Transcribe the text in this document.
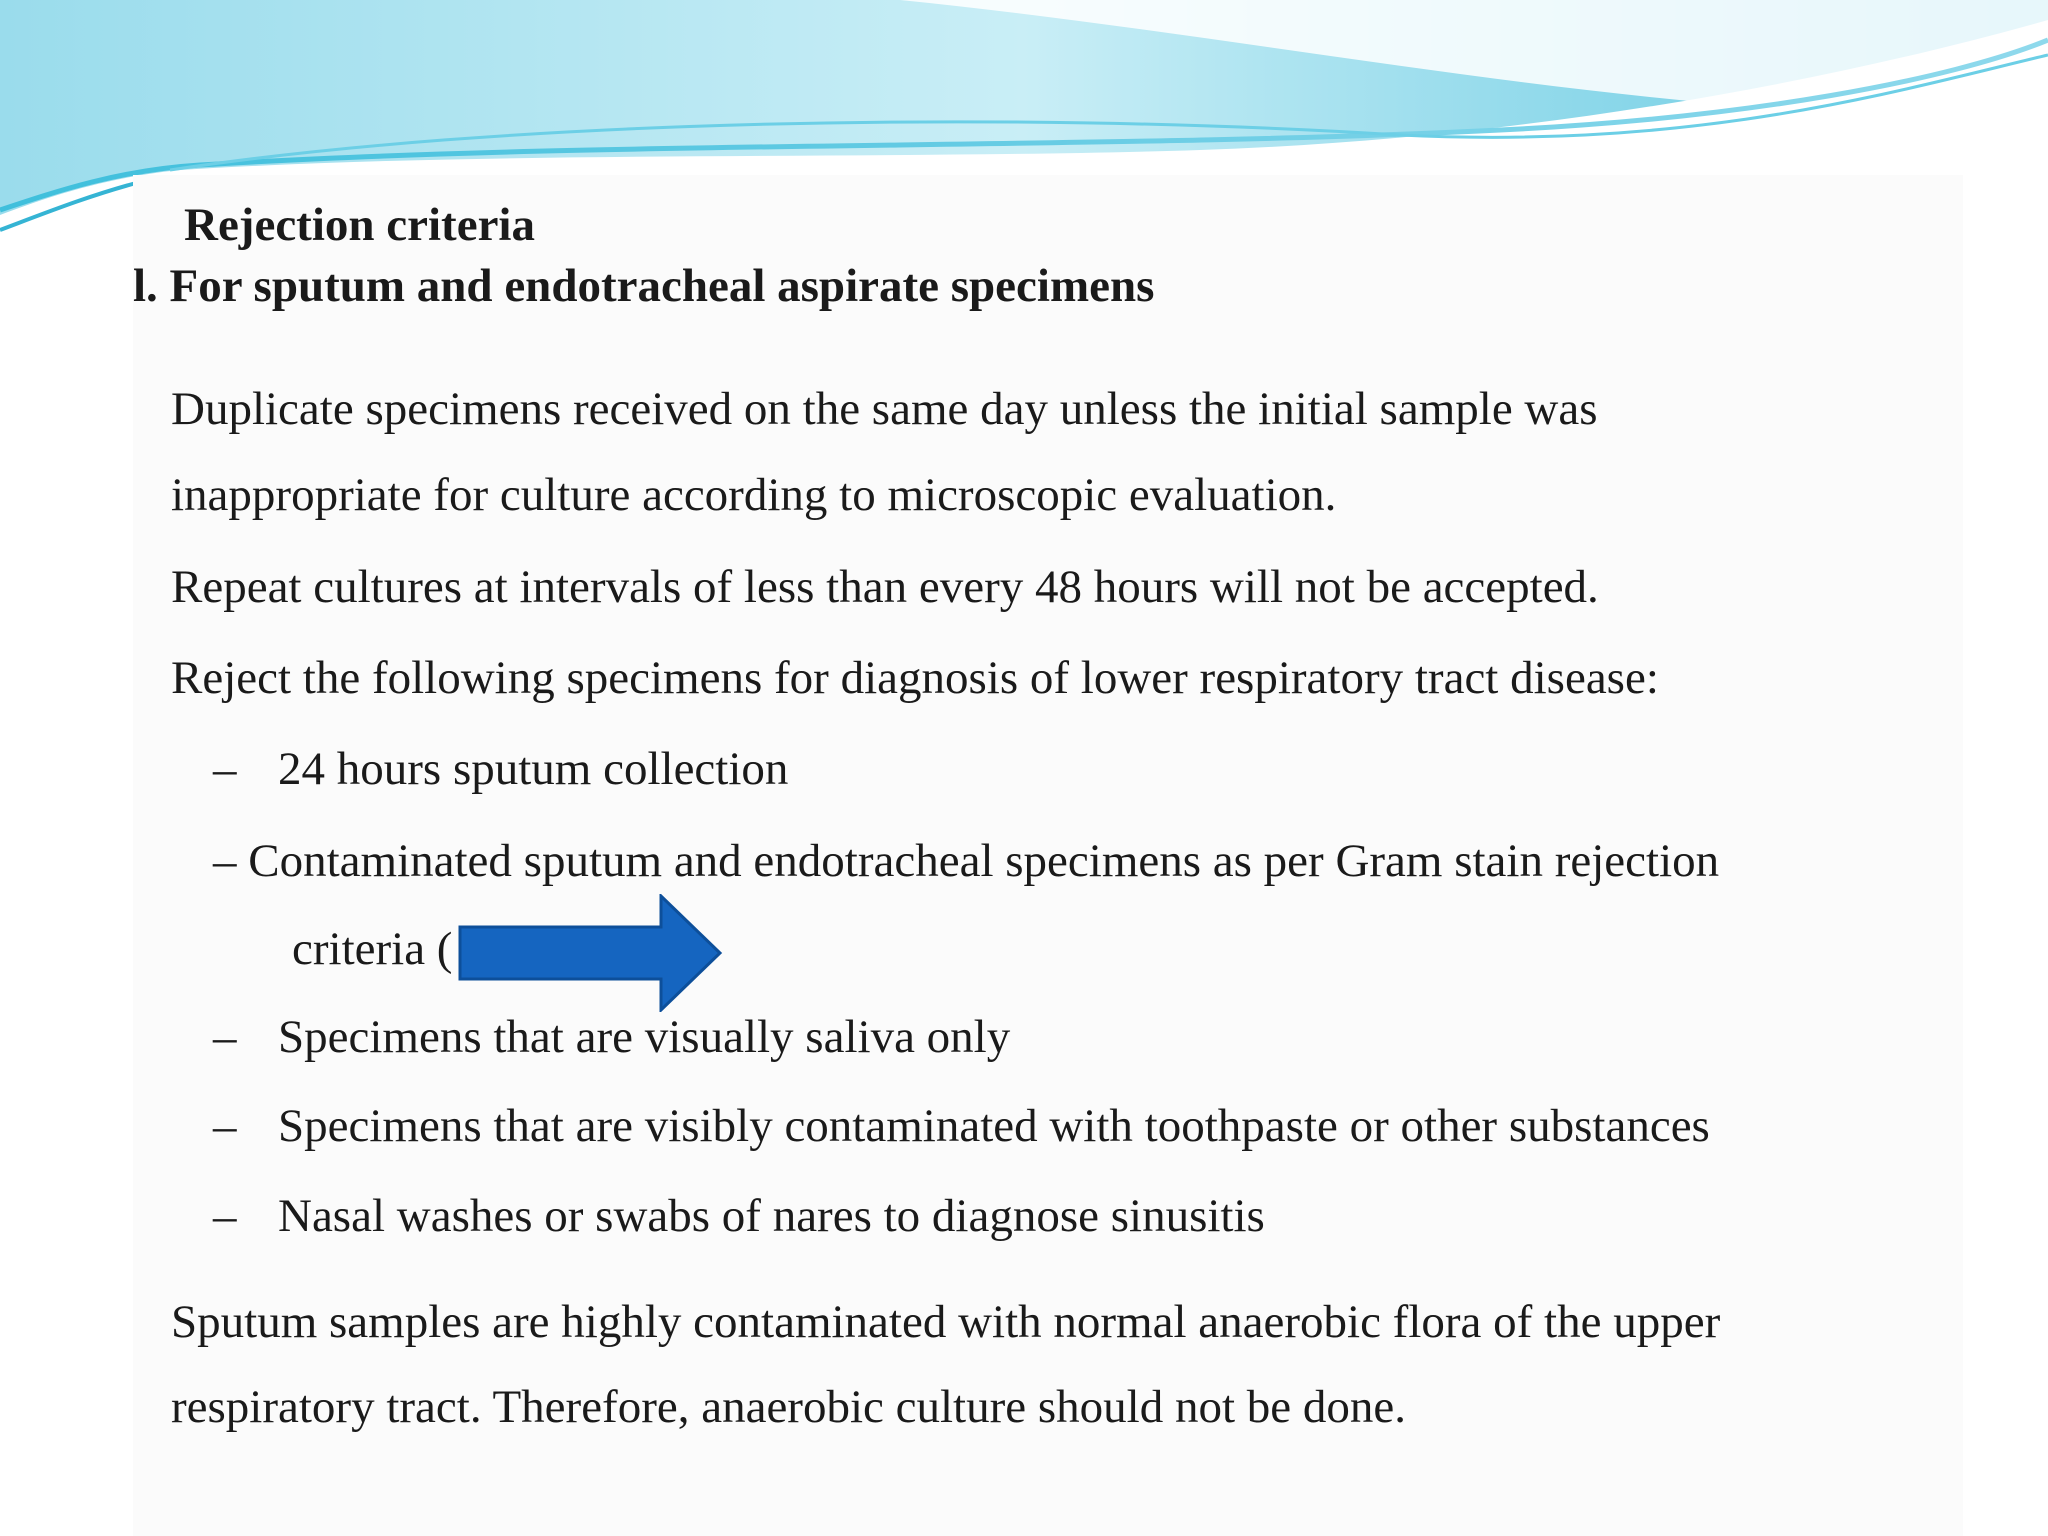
Rejection criteria
l. For sputum and endotracheal aspirate specimens
Duplicate specimens received on the same day unless the initial sample was
inappropriate for culture according to microscopic evaluation.
Repeat cultures at intervals of less than every 48 hours will not be accepted.
Reject the following specimens for diagnosis of lower respiratory tract disease:
– 24 hours sputum collection
– Contaminated sputum and endotracheal specimens as per Gram stain rejection
criteria (
– Specimens that are visually saliva only
– Specimens that are visibly contaminated with toothpaste or other substances
– Nasal washes or swabs of nares to diagnose sinusitis
Sputum samples are highly contaminated with normal anaerobic flora of the upper
respiratory tract. Therefore, anaerobic culture should not be done.
